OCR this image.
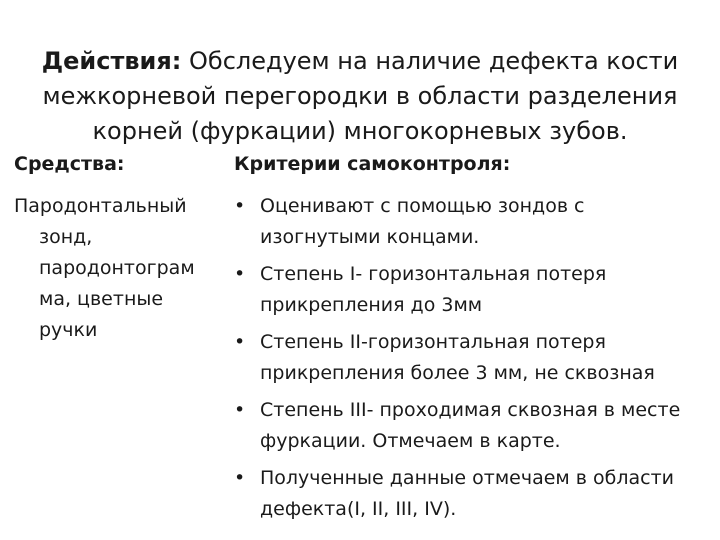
Действия: Обследуем на наличие дефекта кости межкорневой перегородки в области разделения корней (фуркации) многокорневых зубов.
Средства:	Критерии самоконтроля:
Пародонтальный
зонд,
пародонтограм
ма, цветные
ручки
• Оценивают с помощью зондов с изогнутыми концами.
• Степень I- горизонтальная потеря прикрепления до 3мм
• Степень II-горизонтальная потеря прикрепления более 3 мм, не сквозная
• Степень III- проходимая сквозная в месте фуркации. Отмечаем в карте.
• Полученные данные отмечаем в области дефекта(I, II, III, IV).
